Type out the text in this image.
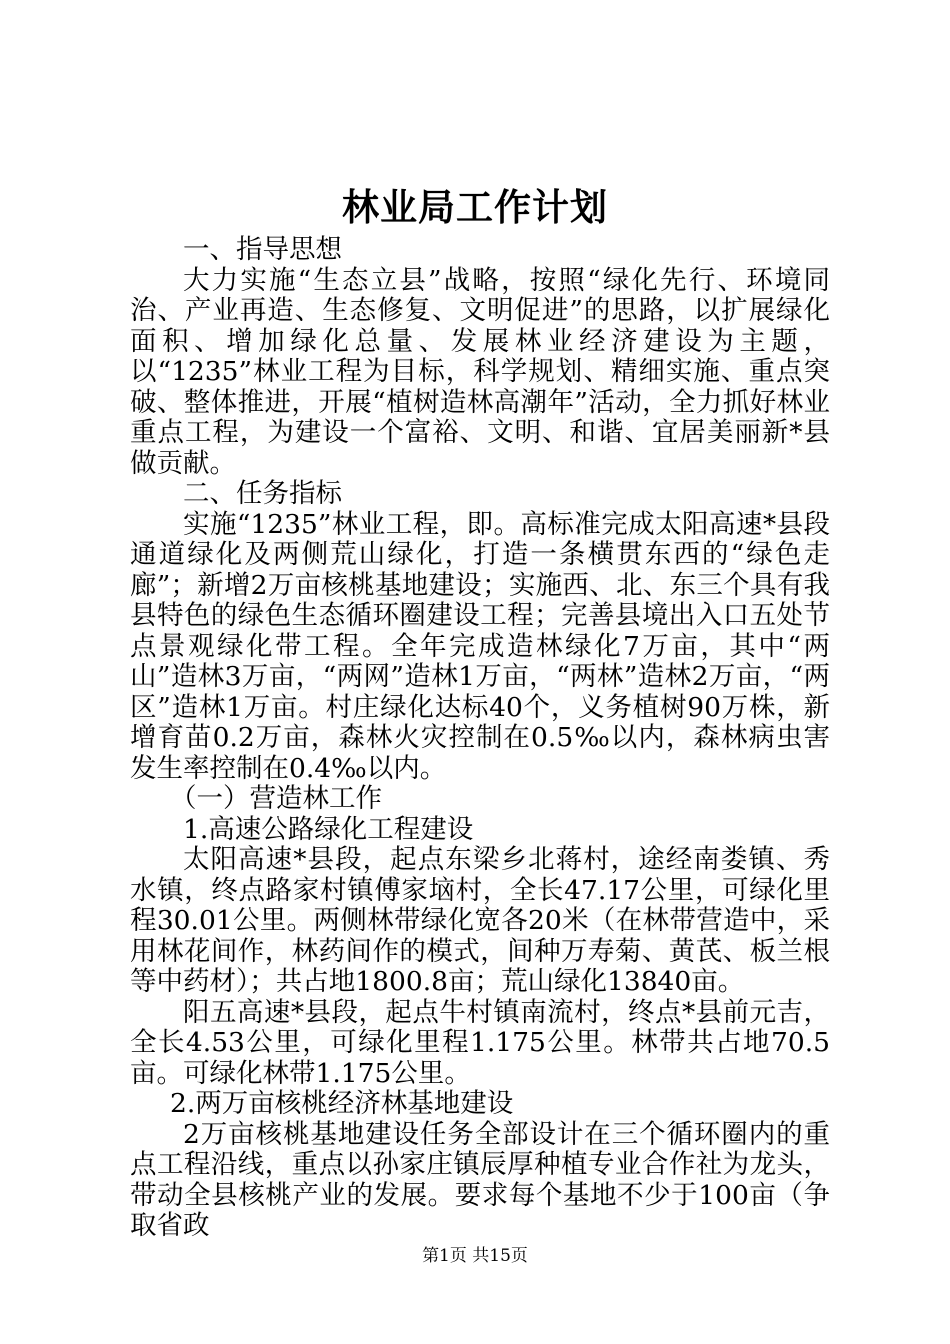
林业局工作计划

一、指导思想

大力实施“生态立县”战略，按照“绿化先行、环境同治、产业再造、生态修复、文明促进”的思路，以扩展绿化面积、增加绿化总量、发展林业经济建设为主题，以“1235”林业工程为目标，科学规划、精细实施、重点突破、整体推进，开展“植树造林高潮年”活动，全力抓好林业重点工程，为建设一个富裕、文明、和谐、宜居美丽新*县做贡献。

二、任务指标

实施“1235”林业工程，即。高标准完成太阳高速*县段通道绿化及两侧荒山绿化，打造一条横贯东西的“绿色走廊”；新增2万亩核桃基地建设；实施西、北、东三个具有我县特色的绿色生态循环圈建设工程；完善县境出入口五处节点景观绿化带工程。全年完成造林绿化7万亩，其中“两山”造林3万亩，“两网”造林1万亩，“两林”造林2万亩，“两区”造林1万亩。村庄绿化达标40个，义务植树90万株，新增育苗0.2万亩，森林火灾控制在0.5‰以内，森林病虫害发生率控制在0.4‰以内。

（一）营造林工作

1.高速公路绿化工程建设

太阳高速*县段，起点东梁乡北蒋村，途经南娄镇、秀水镇，终点路家村镇傅家垴村，全长47.17公里，可绿化里程30.01公里。两侧林带绿化宽各20米（在林带营造中，采用林花间作，林药间作的模式，间种万寿菊、黄芪、板兰根等中药材）；共占地1800.8亩；荒山绿化13840亩。

阳五高速*县段，起点牛村镇南流村，终点*县前元吉，全长4.53公里，可绿化里程1.175公里。林带共占地70.5亩。可绿化林带1.175公里。

2.两万亩核桃经济林基地建设

2万亩核桃基地建设任务全部设计在三个循环圈内的重点工程沿线，重点以孙家庄镇辰厚种植专业合作社为龙头，带动全县核桃产业的发展。要求每个基地不少于100亩（争取省政

第1页 共15页
